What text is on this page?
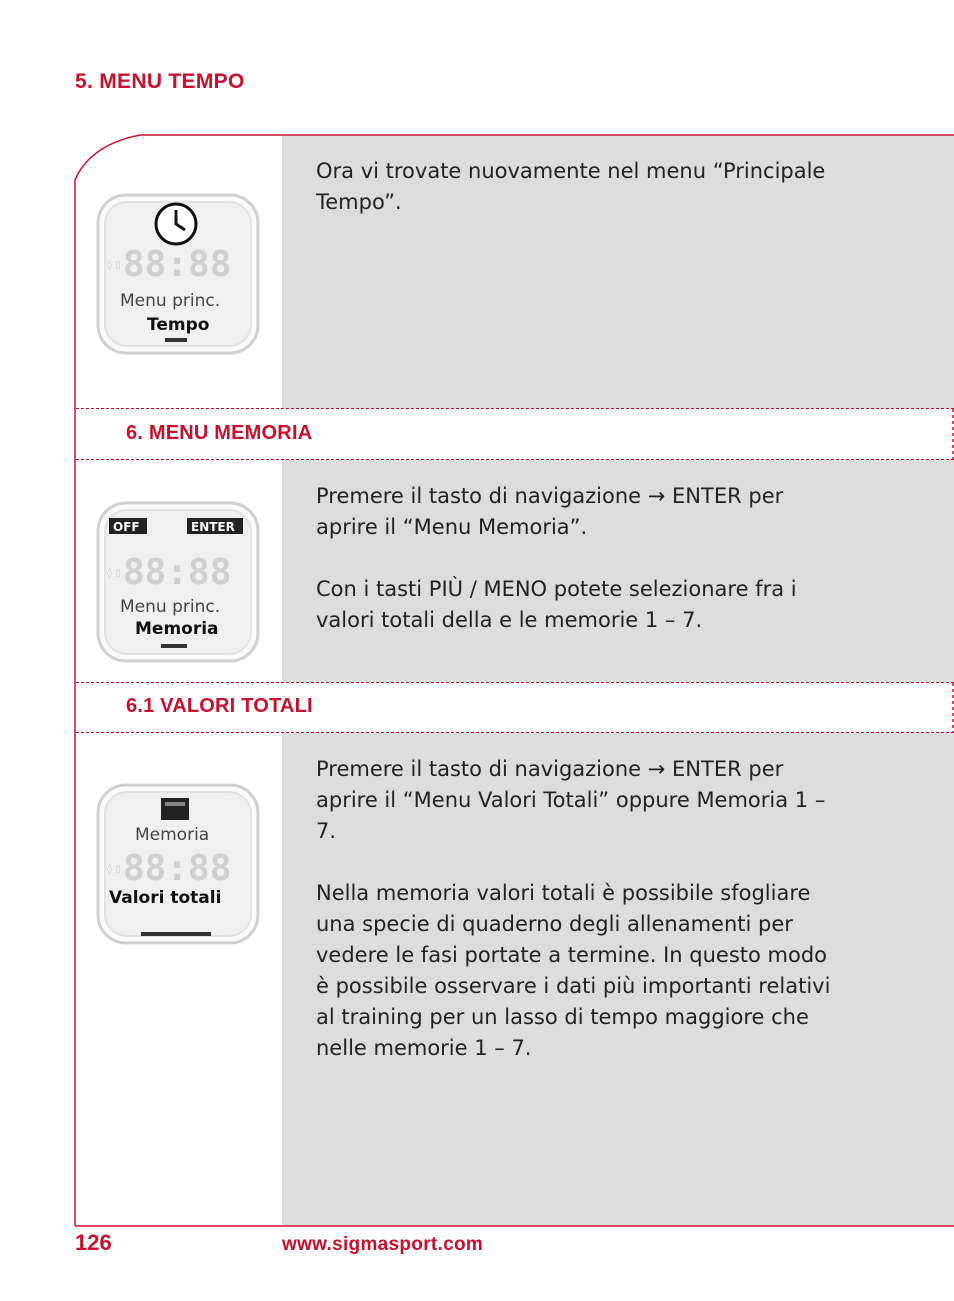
5. MENU TEMPO
6. MENU MEMORIA
6.1 VALORI TOTALI

Ora vi trovate nuovamente nel menu “Principale Tempo”.

Premere il tasto di navigazione → ENTER per aprire il “Menu Memoria”.

Con i tasti PIÙ / MENO potete selezionare fra i valori totali della e le memorie 1 – 7.

Premere il tasto di navigazione → ENTER per aprire il “Menu Valori Totali” oppure Memoria 1 – 7.

Nella memoria valori totali è possibile sfogliare una specie di quaderno degli allenamenti per vedere le fasi portate a termine. In questo modo è possibile osservare i dati più importanti relativi al training per un lasso di tempo maggiore che nelle memorie 1 – 7.

88:88
◊ ▯
Menu princ.
Tempo
OFF	ENTER
88:88
◊ ▯
Menu princ.
Memoria
Memoria
88:88
◊ ▯
Valori totali
126	www.sigmasport.com
